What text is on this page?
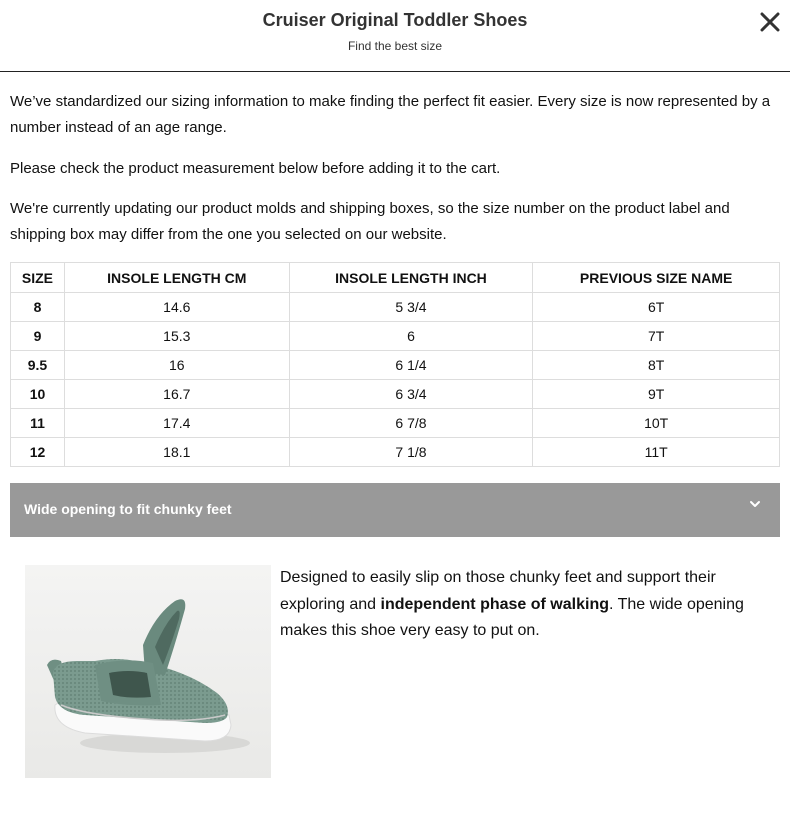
Cruiser Original Toddler Shoes
Find the best size

We’ve standardized our sizing information to make finding the perfect fit easier. Every size is now represented by a number instead of an age range.

Please check the product measurement below before adding it to the cart.

We're currently updating our product molds and shipping boxes, so the size number on the product label and shipping box may differ from the one you selected on our website.

SIZE	INSOLE LENGTH CM	INSOLE LENGTH INCH	PREVIOUS SIZE NAME
8	14.6	5 3/4	6T
9	15.3	6	7T
9.5	16	6 1/4	8T
10	16.7	6 3/4	9T
11	17.4	6 7/8	10T
12	18.1	7 1/8	11T
Wide opening to fit chunky feet
Designed to easily slip on those chunky feet and support their exploring and independent phase of walking. The wide opening makes this shoe very easy to put on.
